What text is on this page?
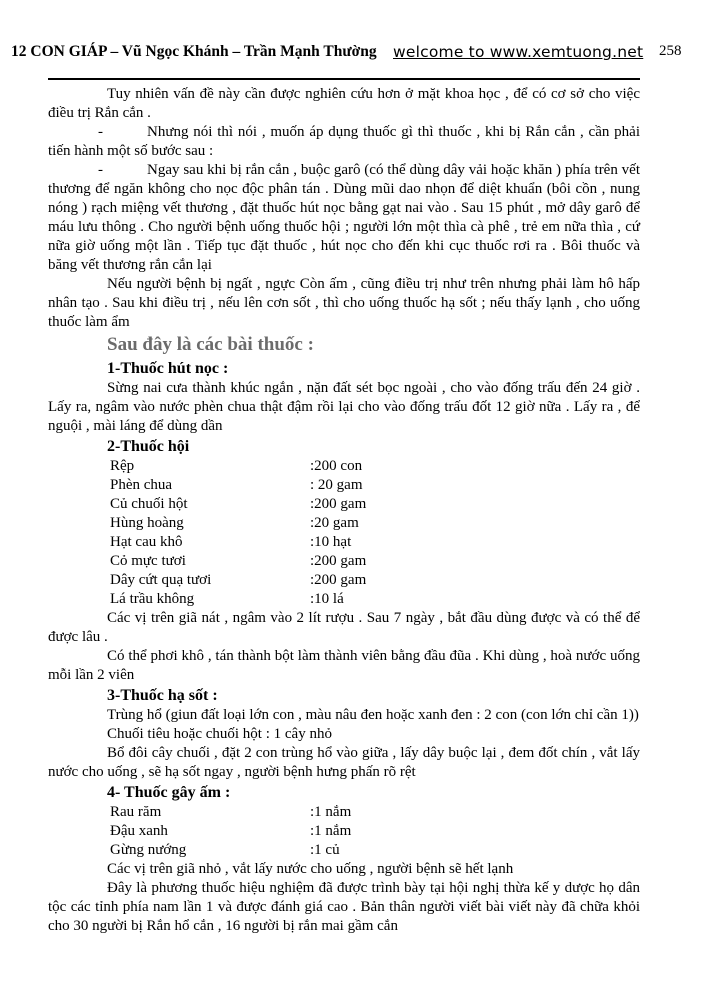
12 CON GIÁP – Vũ Ngọc Khánh – Trần Mạnh Thường welcome to www.xemtuong.net 258

Tuy nhiên vấn đề này cần được nghiên cứu hơn ở mặt khoa học , để có cơ sở cho việc điều trị Rắn cắn .

-	Nhưng nói thì nói , muốn áp dụng thuốc gì thì thuốc , khi bị Rắn cắn , cần phải tiến hành một số bước sau :

-	Ngay sau khi bị rắn cắn , buộc garô (có thể dùng dây vải hoặc khăn ) phía trên vết thương để ngăn không cho nọc độc phân tán . Dùng mũi dao nhọn để diệt khuẩn (bôi cồn , nung nóng ) rạch miệng vết thương , đặt thuốc hút nọc bằng gạt nai vào . Sau 15 phút , mở dây garô để máu lưu thông . Cho người bệnh uống thuốc hội ; người lớn một thìa cà phê , trẻ em nữa thìa , cứ nữa giờ uống một lần . Tiếp tục đặt thuốc , hút nọc cho đến khi cục thuốc rơi ra . Bôi thuốc và băng vết thương rắn cắn lại

Nếu người bệnh bị ngất , ngực Còn ấm , cũng điều trị như trên nhưng phải làm hô hấp nhân tạo . Sau khi điều trị , nếu lên cơn sốt , thì cho uống thuốc hạ sốt ; nếu thấy lạnh , cho uống thuốc làm ẩm

Sau đây là các bài thuốc :
1-Thuốc hút nọc :

Sừng nai cưa thành khúc ngắn , nặn đất sét bọc ngoài , cho vào đống trấu đến 24 giờ . Lấy ra, ngâm vào nước phèn chua thật đậm rồi lại cho vào đống trấu đốt 12 giờ nữa . Lấy ra , để nguội , mài láng để dùng dần

2-Thuốc hội
Rệp	:200 con
Phèn chua	: 20 gam
Củ chuối hột	:200 gam
Hùng hoàng	:20 gam
Hạt cau khô	:10 hạt
Cỏ mực tươi	:200 gam
Dây cứt quạ tươi	:200 gam
Lá trầu không	:10 lá

Các vị trên giã nát , ngâm vào 2 lít rượu . Sau 7 ngày , bắt đầu dùng được và có thể để được lâu .

Có thể phơi khô , tán thành bột làm thành viên bằng đầu đũa . Khi dùng , hoà nước uống mỗi lần 2 viên

3-Thuốc hạ sốt :

Trùng hổ (giun đất loại lớn con , màu nâu đen hoặc xanh đen : 2 con (con lớn chỉ cần 1))

Chuối tiêu hoặc chuối hột : 1 cây nhỏ

Bổ đôi cây chuối , đặt 2 con trùng hổ vào giữa , lấy dây buộc lại , đem đốt chín , vắt lấy nước cho uống , sẽ hạ sốt ngay , người bệnh hưng phấn rõ rệt

4- Thuốc gây ấm :
Rau răm	:1 nắm
Đậu xanh	:1 nắm
Gừng nướng	:1 củ

Các vị trên giã nhỏ , vắt lấy nước cho uống , người bệnh sẽ hết lạnh

Đây là phương thuốc hiệu nghiệm đã được trình bày tại hội nghị thừa kế y dược họ dân tộc các tỉnh phía nam lần 1 và được đánh giá cao . Bản thân người viết bài viết này đã chữa khỏi cho 30 người bị Rắn hổ cắn , 16 người bị rắn mai gầm cắn
